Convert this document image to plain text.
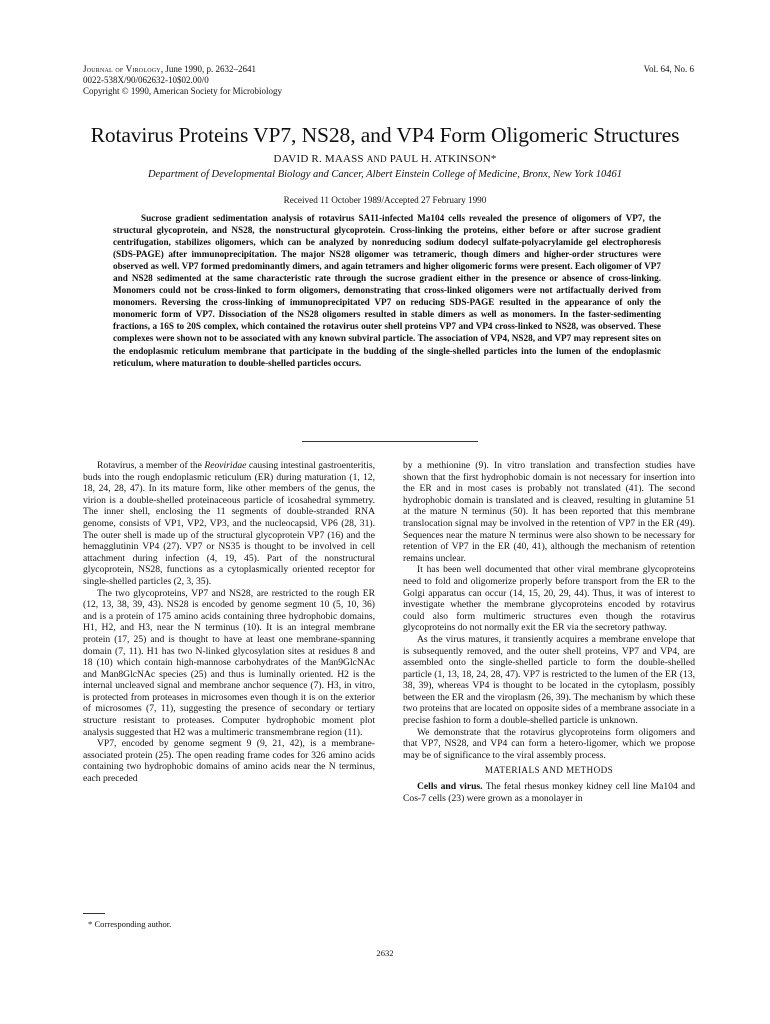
Journal of Virology, June 1990, p. 2632–2641
0022-538X/90/062632-10$02.00/0
Copyright © 1990, American Society for Microbiology
Vol. 64, No. 6
Rotavirus Proteins VP7, NS28, and VP4 Form Oligomeric Structures
DAVID R. MAASS AND PAUL H. ATKINSON*
Department of Developmental Biology and Cancer, Albert Einstein College of Medicine, Bronx, New York 10461
Received 11 October 1989/Accepted 27 February 1990

Sucrose gradient sedimentation analysis of rotavirus SA11-infected Ma104 cells revealed the presence of oligomers of VP7, the structural glycoprotein, and NS28, the nonstructural glycoprotein. Cross-linking the proteins, either before or after sucrose gradient centrifugation, stabilizes oligomers, which can be analyzed by nonreducing sodium dodecyl sulfate-polyacrylamide gel electrophoresis (SDS-PAGE) after immunoprecipitation. The major NS28 oligomer was tetrameric, though dimers and higher-order structures were observed as well. VP7 formed predominantly dimers, and again tetramers and higher oligomeric forms were present. Each oligomer of VP7 and NS28 sedimented at the same characteristic rate through the sucrose gradient either in the presence or absence of cross-linking. Monomers could not be cross-linked to form oligomers, demonstrating that cross-linked oligomers were not artifactually derived from monomers. Reversing the cross-linking of immunoprecipitated VP7 on reducing SDS-PAGE resulted in the appearance of only the monomeric form of VP7. Dissociation of the NS28 oligomers resulted in stable dimers as well as monomers. In the faster-sedimenting fractions, a 16S to 20S complex, which contained the rotavirus outer shell proteins VP7 and VP4 cross-linked to NS28, was observed. These complexes were shown not to be associated with any known subviral particle. The association of VP4, NS28, and VP7 may represent sites on the endoplasmic reticulum membrane that participate in the budding of the single-shelled particles into the lumen of the endoplasmic reticulum, where maturation to double-shelled particles occurs.

Rotavirus, a member of the Reoviridae causing intestinal gastroenteritis, buds into the rough endoplasmic reticulum (ER) during maturation (1, 12, 18, 24, 28, 47). In its mature form, like other members of the genus, the virion is a double-shelled proteinaceous particle of icosahedral symmetry. The inner shell, enclosing the 11 segments of double-stranded RNA genome, consists of VP1, VP2, VP3, and the nucleocapsid, VP6 (28, 31). The outer shell is made up of the structural glycoprotein VP7 (16) and the hemagglutinin VP4 (27). VP7 or NS35 is thought to be involved in cell attachment during infection (4, 19, 45). Part of the nonstructural glycoprotein, NS28, functions as a cytoplasmically oriented receptor for single-shelled particles (2, 3, 35).

The two glycoproteins, VP7 and NS28, are restricted to the rough ER (12, 13, 38, 39, 43). NS28 is encoded by genome segment 10 (5, 10, 36) and is a protein of 175 amino acids containing three hydrophobic domains, H1, H2, and H3, near the N terminus (10). It is an integral membrane protein (17, 25) and is thought to have at least one membrane-spanning domain (7, 11). H1 has two N-linked glycosylation sites at residues 8 and 18 (10) which contain high-mannose carbohydrates of the Man9GlcNAc and Man8GlcNAc species (25) and thus is luminally oriented. H2 is the internal uncleaved signal and membrane anchor sequence (7). H3, in vitro, is protected from proteases in microsomes even though it is on the exterior of microsomes (7, 11), suggesting the presence of secondary or tertiary structure resistant to proteases. Computer hydrophobic moment plot analysis suggested that H2 was a multimeric transmembrane region (11).

VP7, encoded by genome segment 9 (9, 21, 42), is a membrane-associated protein (25). The open reading frame codes for 326 amino acids containing two hydrophobic domains of amino acids near the N terminus, each preceded

by a methionine (9). In vitro translation and transfection studies have shown that the first hydrophobic domain is not necessary for insertion into the ER and in most cases is probably not translated (41). The second hydrophobic domain is translated and is cleaved, resulting in glutamine 51 at the mature N terminus (50). It has been reported that this membrane translocation signal may be involved in the retention of VP7 in the ER (49). Sequences near the mature N terminus were also shown to be necessary for retention of VP7 in the ER (40, 41), although the mechanism of retention remains unclear.

It has been well documented that other viral membrane glycoproteins need to fold and oligomerize properly before transport from the ER to the Golgi apparatus can occur (14, 15, 20, 29, 44). Thus, it was of interest to investigate whether the membrane glycoproteins encoded by rotavirus could also form multimeric structures even though the rotavirus glycoproteins do not normally exit the ER via the secretory pathway.

As the virus matures, it transiently acquires a membrane envelope that is subsequently removed, and the outer shell proteins, VP7 and VP4, are assembled onto the single-shelled particle to form the double-shelled particle (1, 13, 18, 24, 28, 47). VP7 is restricted to the lumen of the ER (13, 38, 39), whereas VP4 is thought to be located in the cytoplasm, possibly between the ER and the viroplasm (26, 39). The mechanism by which these two proteins that are located on opposite sides of a membrane associate in a precise fashion to form a double-shelled particle is unknown.

We demonstrate that the rotavirus glycoproteins form oligomers and that VP7, NS28, and VP4 can form a hetero-ligomer, which we propose may be of significance to the viral assembly process.

MATERIALS AND METHODS

Cells and virus. The fetal rhesus monkey kidney cell line Ma104 and Cos-7 cells (23) were grown as a monolayer in

* Corresponding author.
2632
